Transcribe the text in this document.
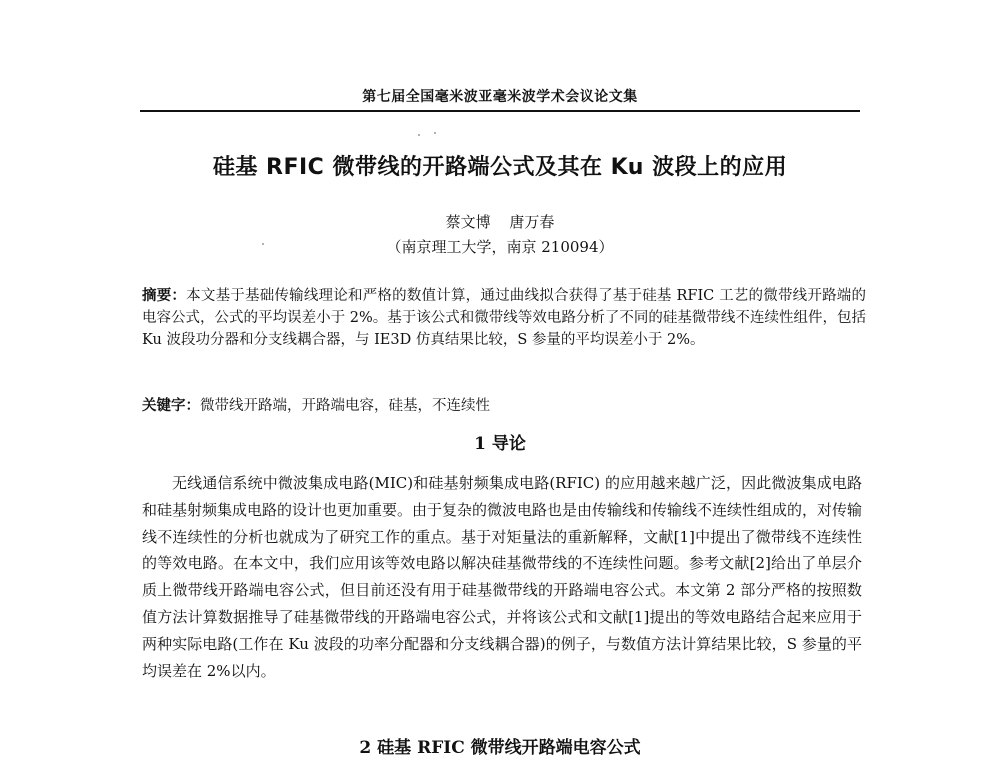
第七届全国毫米波亚毫米波学术会议论文集
硅基 RFIC 微带线的开路端公式及其在 Ku 波段上的应用
蔡文博 唐万春
（南京理工大学，南京 210094）
摘要：本文基于基础传输线理论和严格的数值计算，通过曲线拟合获得了基于硅基 RFIC 工艺的微带线开路端的电容公式，公式的平均误差小于 2%。基于该公式和微带线等效电路分析了不同的硅基微带线不连续性组件，包括 Ku 波段功分器和分支线耦合器，与 IE3D 仿真结果比较，S 参量的平均误差小于 2%。
关键字：微带线开路端，开路端电容，硅基，不连续性
1 导论
无线通信系统中微波集成电路(MIC)和硅基射频集成电路(RFIC) 的应用越来越广泛，因此微波集成电路和硅基射频集成电路的设计也更加重要。由于复杂的微波电路也是由传输线和传输线不连续性组成的，对传输线不连续性的分析也就成为了研究工作的重点。基于对矩量法的重新解释，文献[1]中提出了微带线不连续性的等效电路。在本文中，我们应用该等效电路以解决硅基微带线的不连续性问题。参考文献[2]给出了单层介质上微带线开路端电容公式，但目前还没有用于硅基微带线的开路端电容公式。本文第 2 部分严格的按照数值方法计算数据推导了硅基微带线的开路端电容公式，并将该公式和文献[1]提出的等效电路结合起来应用于两种实际电路(工作在 Ku 波段的功率分配器和分支线耦合器)的例子，与数值方法计算结果比较，S 参量的平均误差在 2%以内。
2 硅基 RFIC 微带线开路端电容公式
